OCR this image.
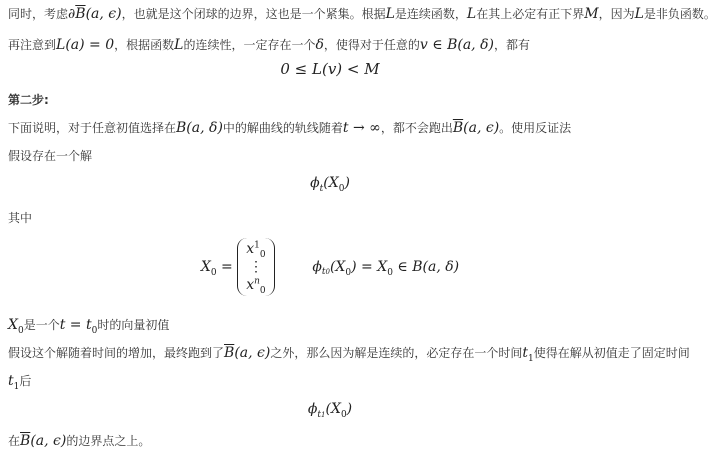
同时，考虑$\partial\overline{B}(a$, ϵ)，也就是这个闭球的边界，这也是一个紧集。根据L是连续函数，L在其上必定有正下界M，因为L是非负函数。
再注意到L(a) = 0，根据函数L的连续性，一定存在一个δ，使得对于任意的v ∈ B(a, δ)，都有
0 ≤ L(v) < M
第二步:
下面说明，对于任意初值选择在B(a, δ)中的解曲线的轨线随着t → ∞，都不会跑出$\overline{B}(a$, ϵ)。使用反证法
假设存在一个解
$\phi_t(X_0)$
其中
$X_0$ =
$x^1_0$
⋮
$x^n_0$
$\phi_{t0}(X_0) = X_0$ ∈ B(a, δ)
$X_0$是一个$t = t_0$时的向量初值
假设这个解随着时间的增加，最终跑到了$\overline{B}(a$, ϵ)之外，那么因为解是连续的，必定存在一个时间$t_1$使得在解从初值走了固定时间
$t_1$后
$\phi_{t1}(X_0)$
在$\overline{B}(a$, ϵ)的边界点之上。
